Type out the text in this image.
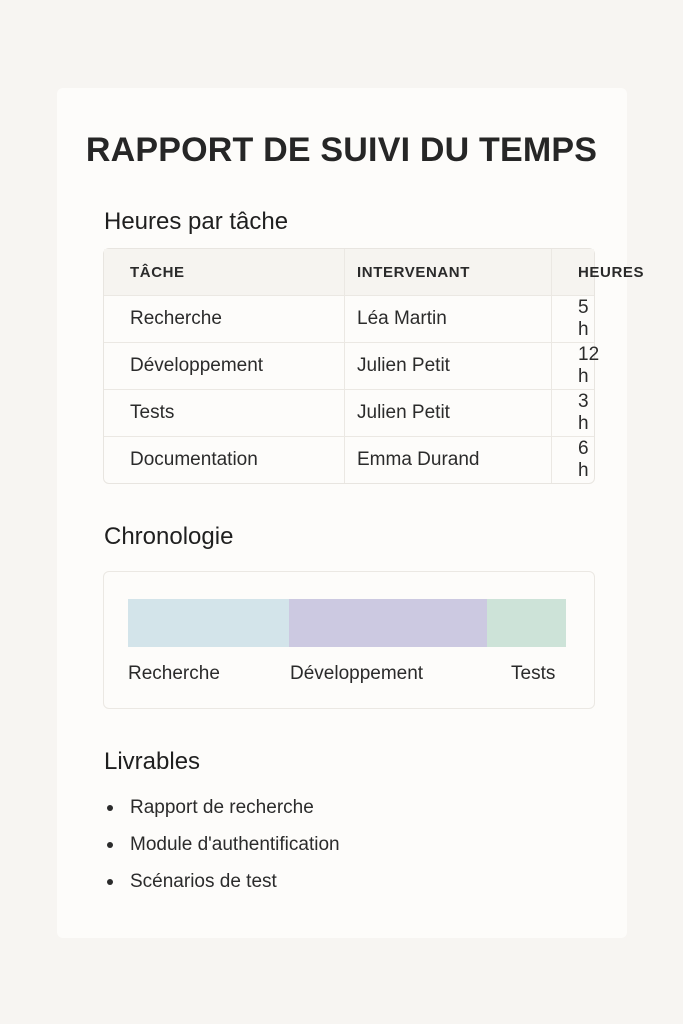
RAPPORT DE SUIVI DU TEMPS
Heures par tâche
TÂCHE	INTERVENANT	HEURES
Recherche	Léa Martin	5 h
Développement	Julien Petit	12 h
Tests	Julien Petit	3 h
Documentation	Emma Durand	6 h
Chronologie
Recherche	Développement	Tests
Livrables
Rapport de recherche
Module d'authentification
Scénarios de test
